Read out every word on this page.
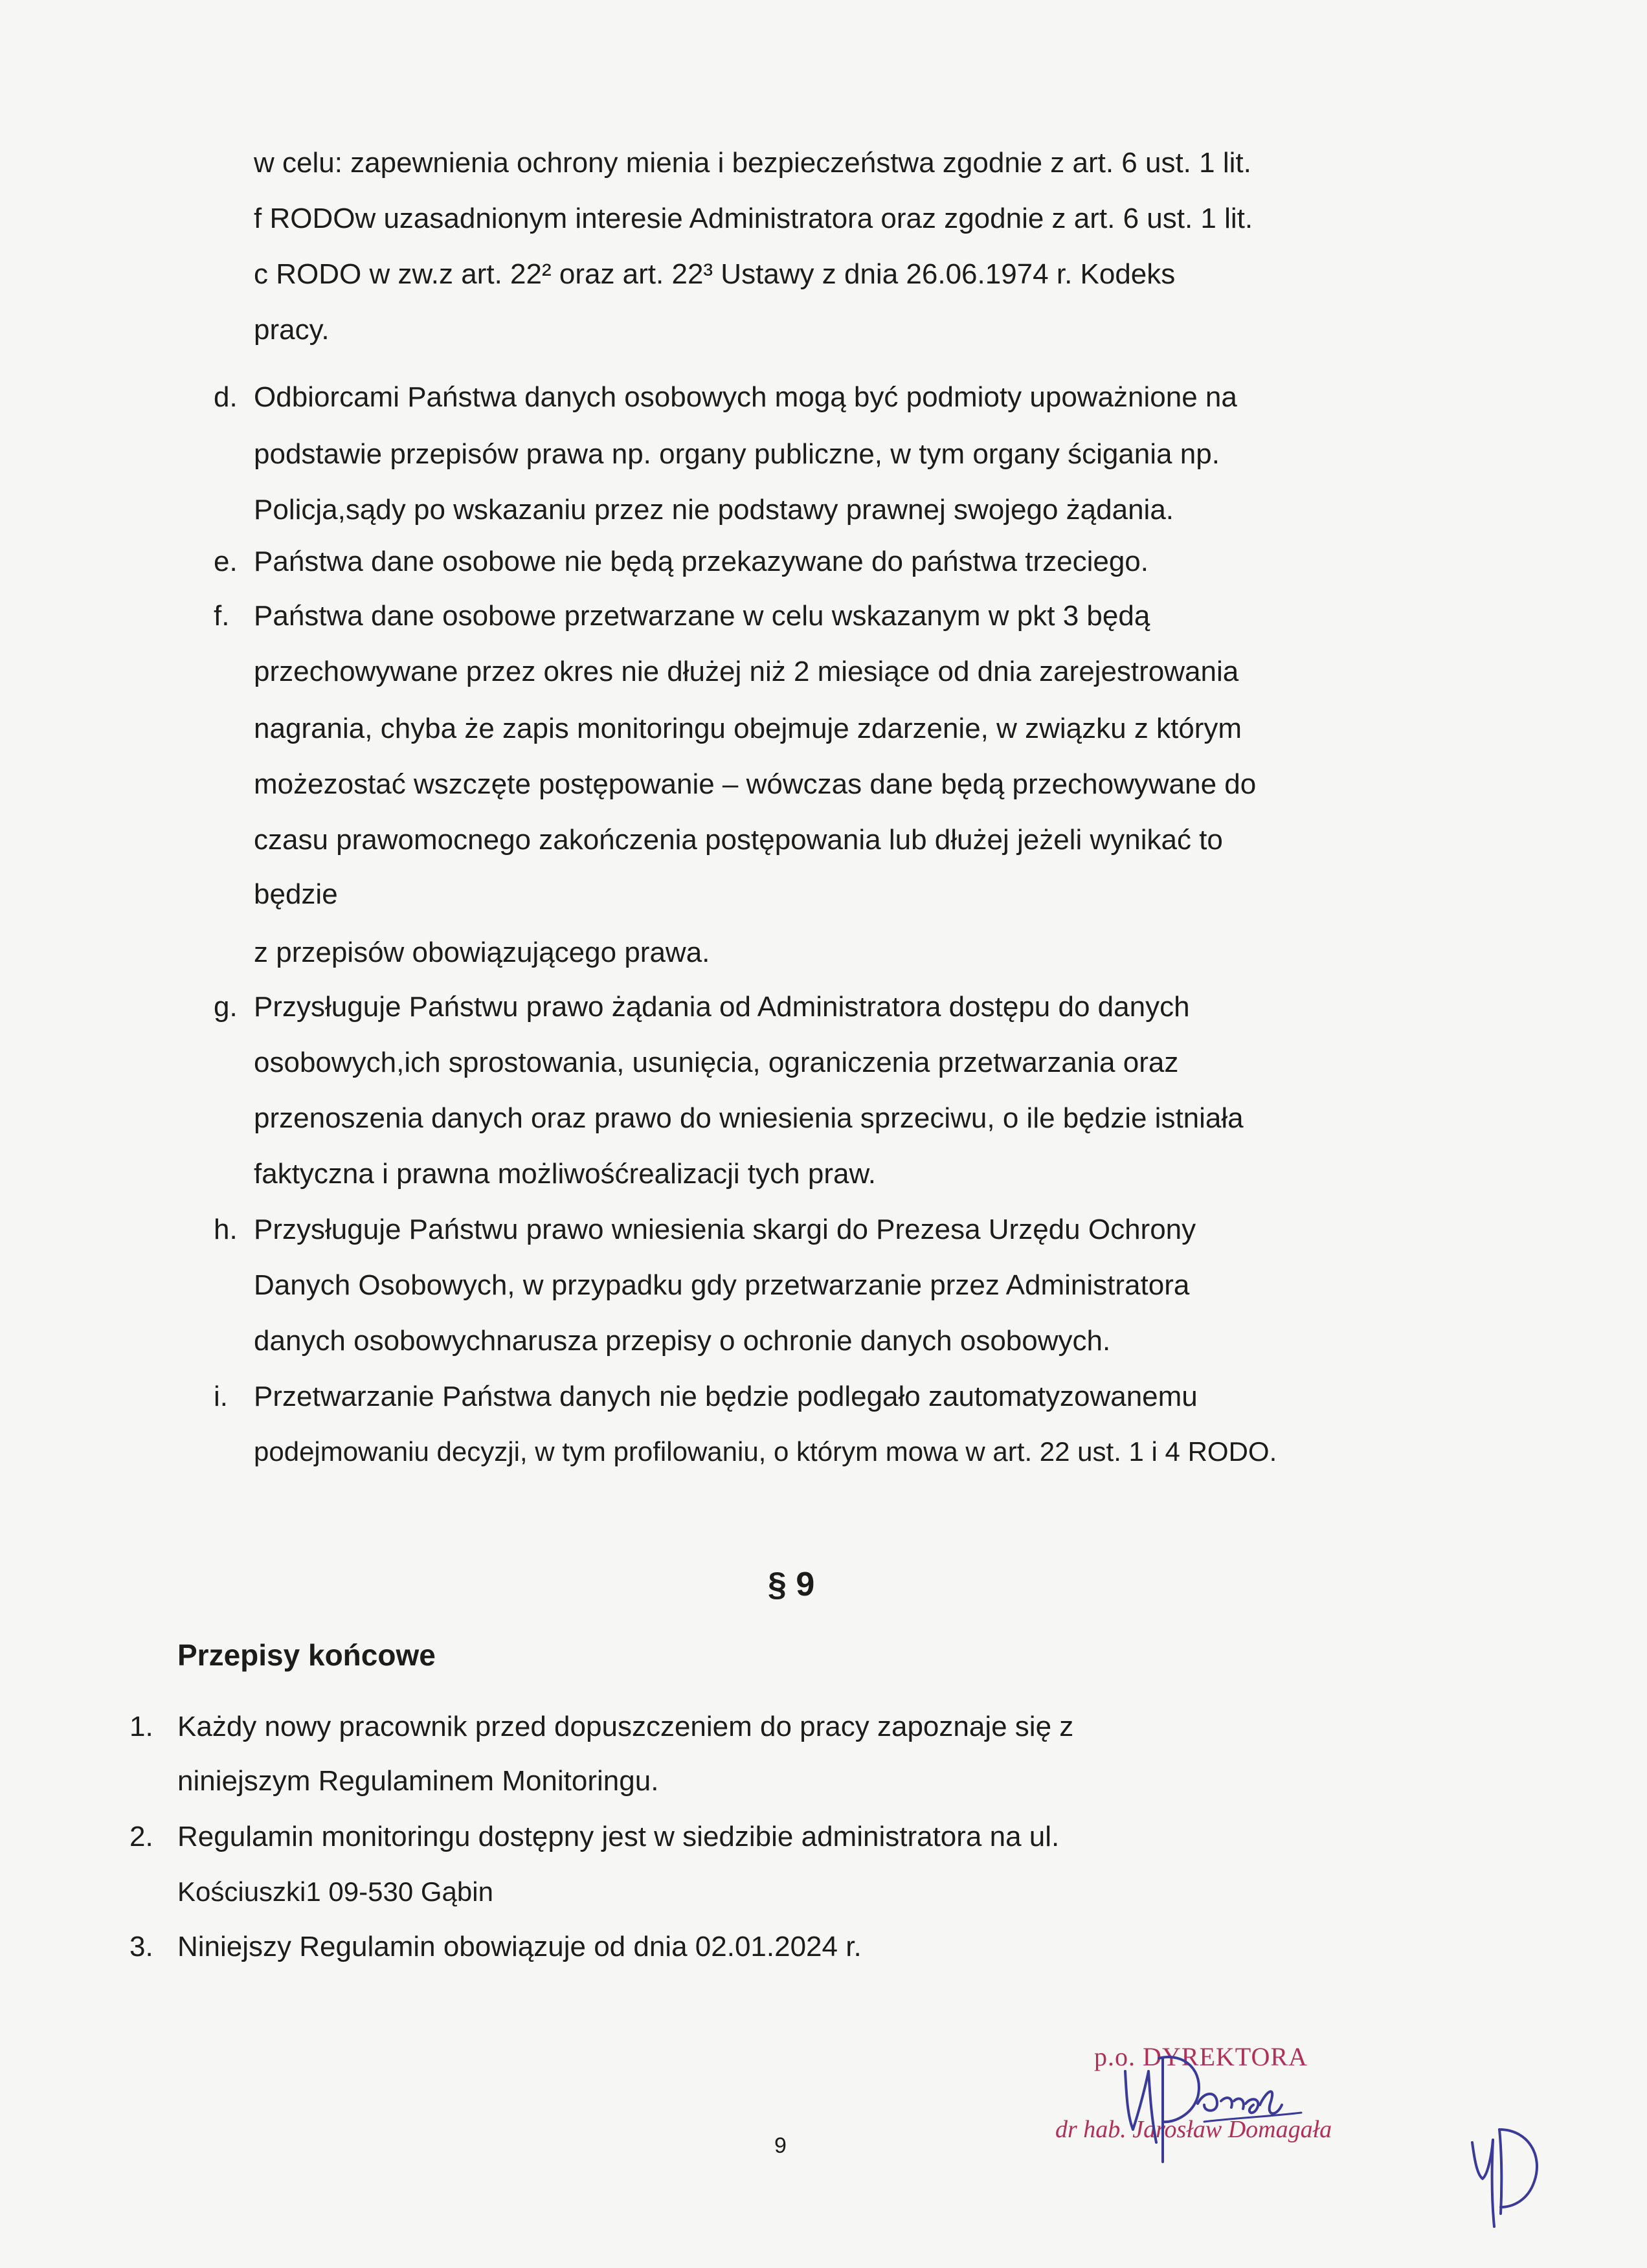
w celu: zapewnienia ochrony mienia i bezpieczeństwa zgodnie z art. 6 ust. 1 lit.
f RODOw uzasadnionym interesie Administratora oraz zgodnie z art. 6 ust. 1 lit.
c RODO w zw.z art. 22² oraz art. 22³ Ustawy z dnia 26.06.1974 r. Kodeks
pracy.
d. Odbiorcami Państwa danych osobowych mogą być podmioty upoważnione na
podstawie przepisów prawa np. organy publiczne, w tym organy ścigania np.
Policja,sądy po wskazaniu przez nie podstawy prawnej swojego żądania.
e. Państwa dane osobowe nie będą przekazywane do państwa trzeciego.
f. Państwa dane osobowe przetwarzane w celu wskazanym w pkt 3 będą
przechowywane przez okres nie dłużej niż 2 miesiące od dnia zarejestrowania
nagrania, chyba że zapis monitoringu obejmuje zdarzenie, w związku z którym
możezostać wszczęte postępowanie – wówczas dane będą przechowywane do
czasu prawomocnego zakończenia postępowania lub dłużej jeżeli wynikać to
będzie
z przepisów obowiązującego prawa.
g. Przysługuje Państwu prawo żądania od Administratora dostępu do danych
osobowych,ich sprostowania, usunięcia, ograniczenia przetwarzania oraz
przenoszenia danych oraz prawo do wniesienia sprzeciwu, o ile będzie istniała
faktyczna i prawna możliwośćrealizacji tych praw.
h. Przysługuje Państwu prawo wniesienia skargi do Prezesa Urzędu Ochrony
Danych Osobowych, w przypadku gdy przetwarzanie przez Administratora
danych osobowychnarusza przepisy o ochronie danych osobowych.
i. Przetwarzanie Państwa danych nie będzie podlegało zautomatyzowanemu
podejmowaniu decyzji, w tym profilowaniu, o którym mowa w art. 22 ust. 1 i 4 RODO.
§ 9
Przepisy końcowe
1. Każdy nowy pracownik przed dopuszczeniem do pracy zapoznaje się z
niniejszym Regulaminem Monitoringu.
2. Regulamin monitoringu dostępny jest w siedzibie administratora na ul.
Kościuszki1 09-530 Gąbin
3. Niniejszy Regulamin obowiązuje od dnia 02.01.2024 r.
p.o. DYREKTORA
dr hab. Jarosław Domagała
9
